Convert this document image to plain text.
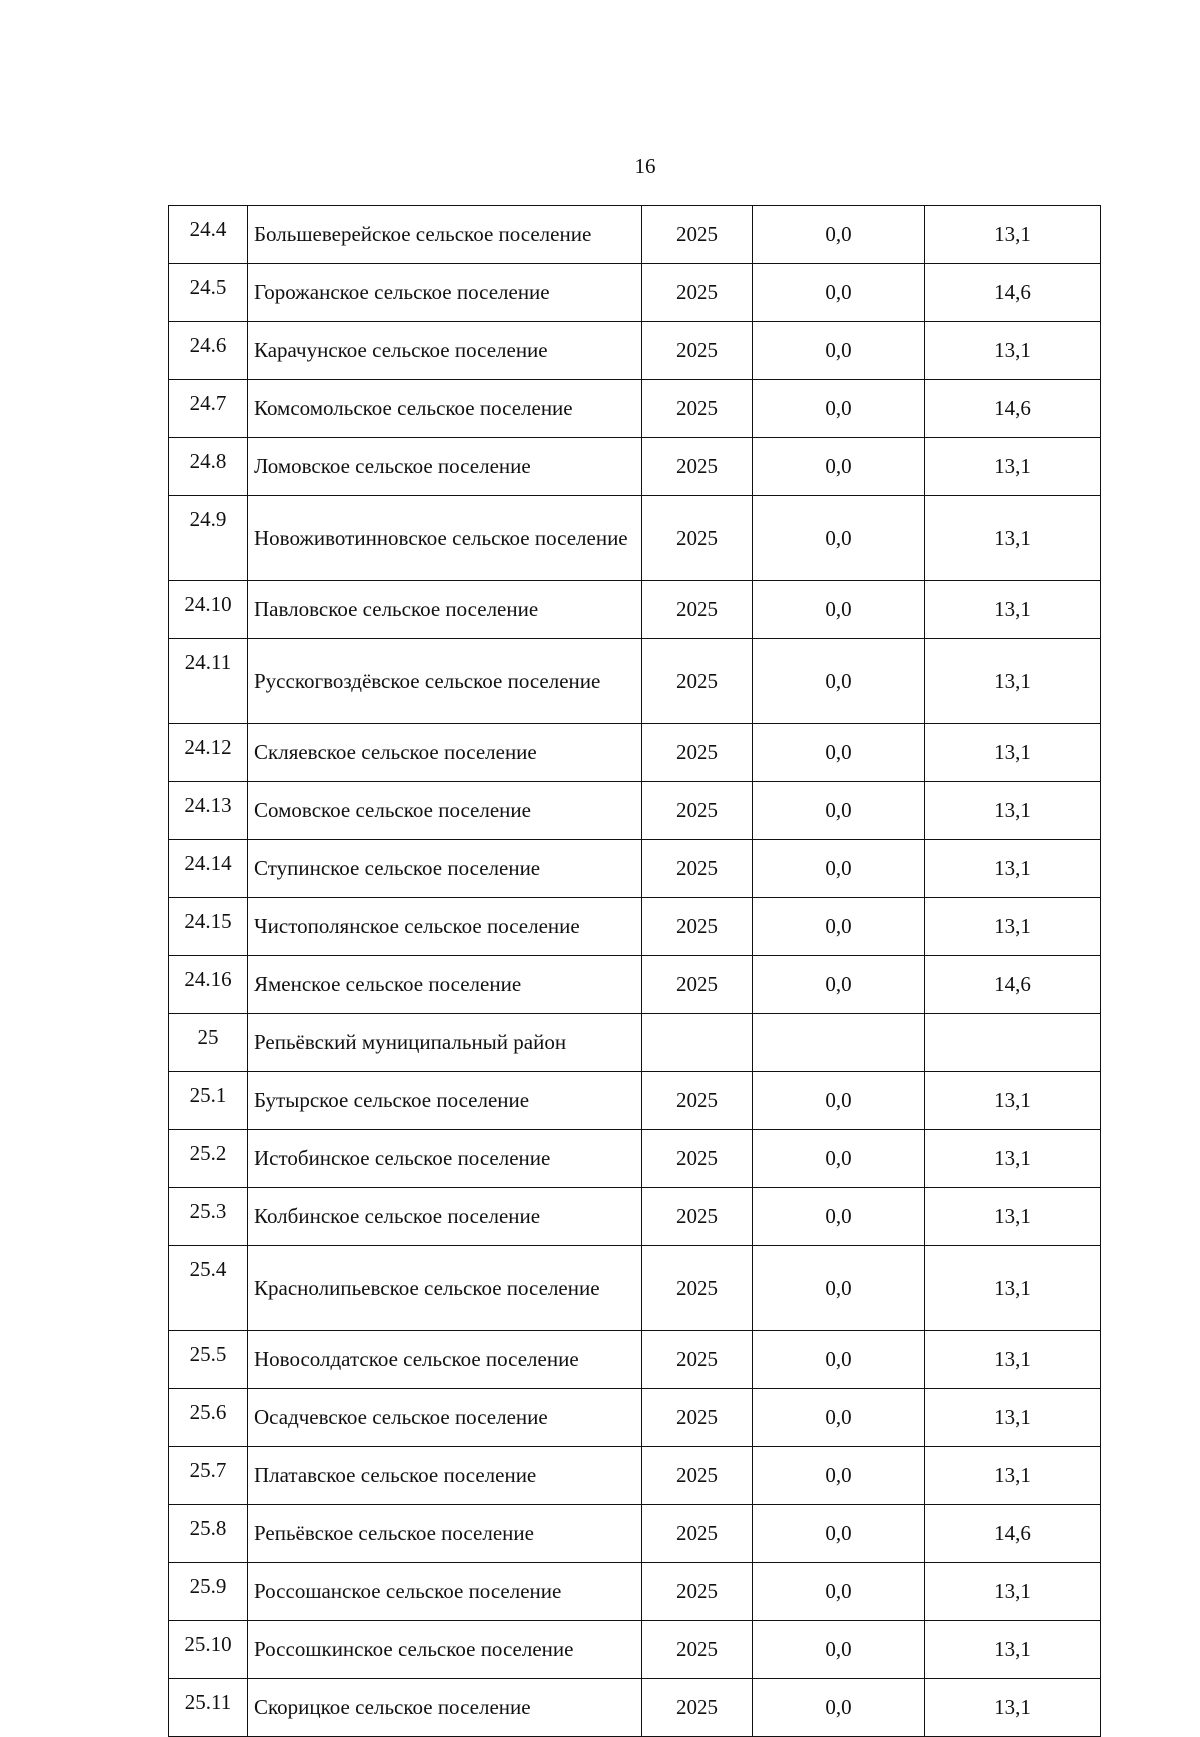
16
24.4	Большеверейское сельское поселение	2025	0,0	13,1
24.5	Горожанское сельское поселение	2025	0,0	14,6
24.6	Карачунское сельское поселение	2025	0,0	13,1
24.7	Комсомольское сельское поселение	2025	0,0	14,6
24.8	Ломовское сельское поселение	2025	0,0	13,1
24.9	Новоживотинновское сельское поселение	2025	0,0	13,1
24.10	Павловское сельское поселение	2025	0,0	13,1
24.11	Русскогвоздёвское сельское поселение	2025	0,0	13,1
24.12	Скляевское сельское поселение	2025	0,0	13,1
24.13	Сомовское сельское поселение	2025	0,0	13,1
24.14	Ступинское сельское поселение	2025	0,0	13,1
24.15	Чистополянское сельское поселение	2025	0,0	13,1
24.16	Яменское сельское поселение	2025	0,0	14,6
25	Репьёвский муниципальный район			
25.1	Бутырское сельское поселение	2025	0,0	13,1
25.2	Истобинское сельское поселение	2025	0,0	13,1
25.3	Колбинское сельское поселение	2025	0,0	13,1
25.4	Краснолипьевское сельское поселение	2025	0,0	13,1
25.5	Новосолдатское сельское поселение	2025	0,0	13,1
25.6	Осадчевское сельское поселение	2025	0,0	13,1
25.7	Платавское сельское поселение	2025	0,0	13,1
25.8	Репьёвское сельское поселение	2025	0,0	14,6
25.9	Россошанское сельское поселение	2025	0,0	13,1
25.10	Россошкинское сельское поселение	2025	0,0	13,1
25.11	Скорицкое сельское поселение	2025	0,0	13,1
